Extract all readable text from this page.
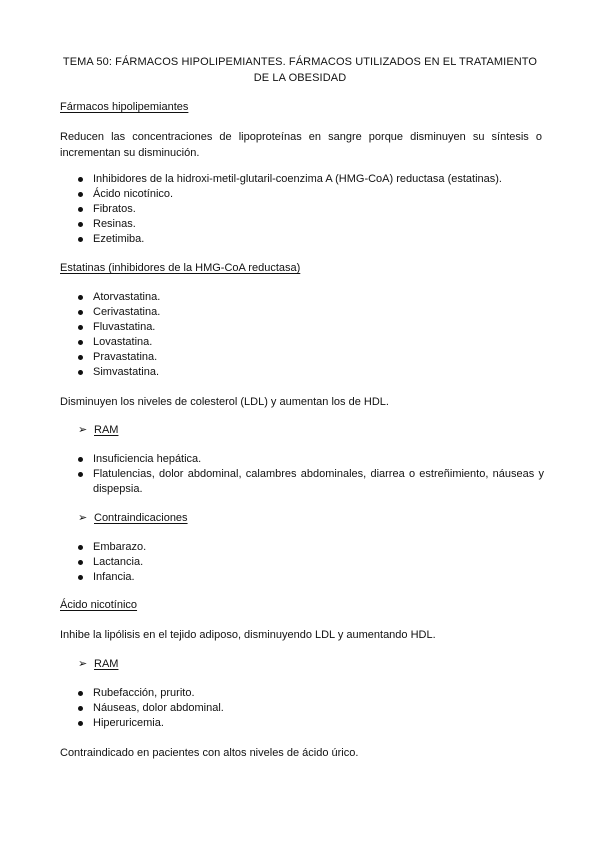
TEMA 50: FÁRMACOS HIPOLIPEMIANTES. FÁRMACOS UTILIZADOS EN EL TRATAMIENTO DE LA OBESIDAD

Fármacos hipolipemiantes

Reducen las concentraciones de lipoproteínas en sangre porque disminuyen su síntesis o incrementan su disminución.

Inhibidores de la hidroxi-metil-glutaril-coenzima A (HMG-CoA) reductasa (estatinas).
Ácido nicotínico.
Fibratos.
Resinas.
Ezetimiba.

Estatinas (inhibidores de la HMG-CoA reductasa)

Atorvastatina.
Cerivastatina.
Fluvastatina.
Lovastatina.
Pravastatina.
Simvastatina.

Disminuyen los niveles de colesterol (LDL) y aumentan los de HDL.

➢ RAM
Insuficiencia hepática.
Flatulencias, dolor abdominal, calambres abdominales, diarrea o estreñimiento, náuseas y dispepsia.
➢ Contraindicaciones
Embarazo.
Lactancia.
Infancia.

Ácido nicotínico

Inhibe la lipólisis en el tejido adiposo, disminuyendo LDL y aumentando HDL.

➢ RAM
Rubefacción, prurito.
Náuseas, dolor abdominal.
Hiperuricemia.

Contraindicado en pacientes con altos niveles de ácido úrico.
